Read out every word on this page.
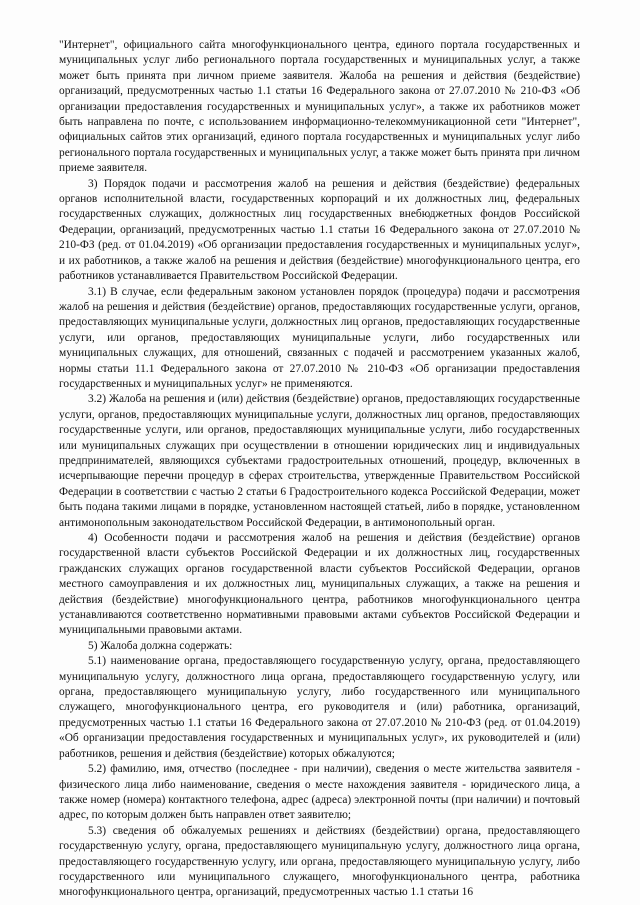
"Интернет", официального сайта многофункционального центра, единого портала государственных и муниципальных услуг либо регионального портала государственных и муниципальных услуг, а также может быть принята при личном приеме заявителя. Жалоба на решения и действия (бездействие) организаций, предусмотренных частью 1.1 статьи 16 Федерального закона от 27.07.2010 № 210-ФЗ «Об организации предоставления государственных и муниципальных услуг», а также их работников может быть направлена по почте, с использованием информационно-телекоммуникационной сети "Интернет", официальных сайтов этих организаций, единого портала государственных и муниципальных услуг либо регионального портала государственных и муниципальных услуг, а также может быть принята при личном приеме заявителя.

3) Порядок подачи и рассмотрения жалоб на решения и действия (бездействие) федеральных органов исполнительной власти, государственных корпораций и их должностных лиц, федеральных государственных служащих, должностных лиц государственных внебюджетных фондов Российской Федерации, организаций, предусмотренных частью 1.1 статьи 16 Федерального закона от 27.07.2010 № 210-ФЗ (ред. от 01.04.2019) «Об организации предоставления государственных и муниципальных услуг», и их работников, а также жалоб на решения и действия (бездействие) многофункционального центра, его работников устанавливается Правительством Российской Федерации.

3.1) В случае, если федеральным законом установлен порядок (процедура) подачи и рассмотрения жалоб на решения и действия (бездействие) органов, предоставляющих государственные услуги, органов, предоставляющих муниципальные услуги, должностных лиц органов, предоставляющих государственные услуги, или органов, предоставляющих муниципальные услуги, либо государственных или муниципальных служащих, для отношений, связанных с подачей и рассмотрением указанных жалоб, нормы статьи 11.1 Федерального закона от 27.07.2010 № 210-ФЗ «Об организации предоставления государственных и муниципальных услуг» не применяются.

3.2) Жалоба на решения и (или) действия (бездействие) органов, предоставляющих государственные услуги, органов, предоставляющих муниципальные услуги, должностных лиц органов, предоставляющих государственные услуги, или органов, предоставляющих муниципальные услуги, либо государственных или муниципальных служащих при осуществлении в отношении юридических лиц и индивидуальных предпринимателей, являющихся субъектами градостроительных отношений, процедур, включенных в исчерпывающие перечни процедур в сферах строительства, утвержденные Правительством Российской Федерации в соответствии с частью 2 статьи 6 Градостроительного кодекса Российской Федерации, может быть подана такими лицами в порядке, установленном настоящей статьей, либо в порядке, установленном антимонопольным законодательством Российской Федерации, в антимонопольный орган.

4) Особенности подачи и рассмотрения жалоб на решения и действия (бездействие) органов государственной власти субъектов Российской Федерации и их должностных лиц, государственных гражданских служащих органов государственной власти субъектов Российской Федерации, органов местного самоуправления и их должностных лиц, муниципальных служащих, а также на решения и действия (бездействие) многофункционального центра, работников многофункционального центра устанавливаются соответственно нормативными правовыми актами субъектов Российской Федерации и муниципальными правовыми актами.

5) Жалоба должна содержать:

5.1) наименование органа, предоставляющего государственную услугу, органа, предоставляющего муниципальную услугу, должностного лица органа, предоставляющего государственную услугу, или органа, предоставляющего муниципальную услугу, либо государственного или муниципального служащего, многофункционального центра, его руководителя и (или) работника, организаций, предусмотренных частью 1.1 статьи 16 Федерального закона от 27.07.2010 № 210-ФЗ (ред. от 01.04.2019) «Об организации предоставления государственных и муниципальных услуг», их руководителей и (или) работников, решения и действия (бездействие) которых обжалуются;

5.2) фамилию, имя, отчество (последнее - при наличии), сведения о месте жительства заявителя - физического лица либо наименование, сведения о месте нахождения заявителя - юридического лица, а также номер (номера) контактного телефона, адрес (адреса) электронной почты (при наличии) и почтовый адрес, по которым должен быть направлен ответ заявителю;

5.3) сведения об обжалуемых решениях и действиях (бездействии) органа, предоставляющего государственную услугу, органа, предоставляющего муниципальную услугу, должностного лица органа, предоставляющего государственную услугу, или органа, предоставляющего муниципальную услугу, либо государственного или муниципального служащего, многофункционального центра, работника многофункционального центра, организаций, предусмотренных частью 1.1 статьи 16
